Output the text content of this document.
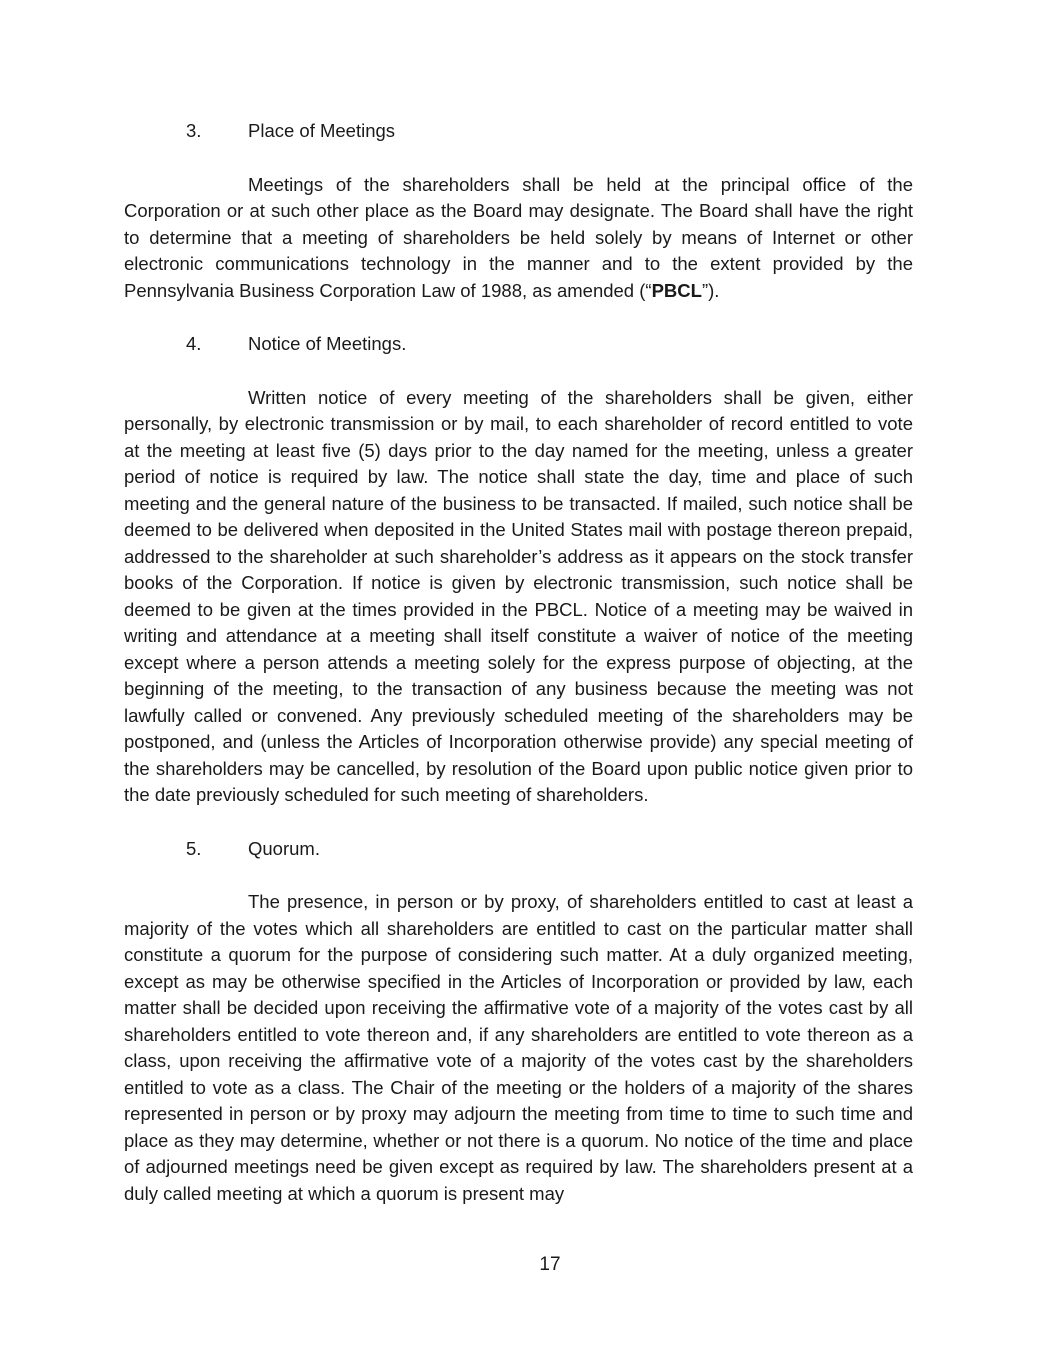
3.	Place of Meetings

Meetings of the shareholders shall be held at the principal office of the Corporation or at such other place as the Board may designate. The Board shall have the right to determine that a meeting of shareholders be held solely by means of Internet or other electronic communications technology in the manner and to the extent provided by the Pennsylvania Business Corporation Law of 1988, as amended (“PBCL”).

4.	Notice of Meetings.

Written notice of every meeting of the shareholders shall be given, either personally, by electronic transmission or by mail, to each shareholder of record entitled to vote at the meeting at least five (5) days prior to the day named for the meeting, unless a greater period of notice is required by law. The notice shall state the day, time and place of such meeting and the general nature of the business to be transacted. If mailed, such notice shall be deemed to be delivered when deposited in the United States mail with postage thereon prepaid, addressed to the shareholder at such shareholder’s address as it appears on the stock transfer books of the Corporation. If notice is given by electronic transmission, such notice shall be deemed to be given at the times provided in the PBCL. Notice of a meeting may be waived in writing and attendance at a meeting shall itself constitute a waiver of notice of the meeting except where a person attends a meeting solely for the express purpose of objecting, at the beginning of the meeting, to the transaction of any business because the meeting was not lawfully called or convened. Any previously scheduled meeting of the shareholders may be postponed, and (unless the Articles of Incorporation otherwise provide) any special meeting of the shareholders may be cancelled, by resolution of the Board upon public notice given prior to the date previously scheduled for such meeting of shareholders.

5.	Quorum.

The presence, in person or by proxy, of shareholders entitled to cast at least a majority of the votes which all shareholders are entitled to cast on the particular matter shall constitute a quorum for the purpose of considering such matter. At a duly organized meeting, except as may be otherwise specified in the Articles of Incorporation or provided by law, each matter shall be decided upon receiving the affirmative vote of a majority of the votes cast by all shareholders entitled to vote thereon and, if any shareholders are entitled to vote thereon as a class, upon receiving the affirmative vote of a majority of the votes cast by the shareholders entitled to vote as a class. The Chair of the meeting or the holders of a majority of the shares represented in person or by proxy may adjourn the meeting from time to time to such time and place as they may determine, whether or not there is a quorum. No notice of the time and place of adjourned meetings need be given except as required by law. The shareholders present at a duly called meeting at which a quorum is present may

17
